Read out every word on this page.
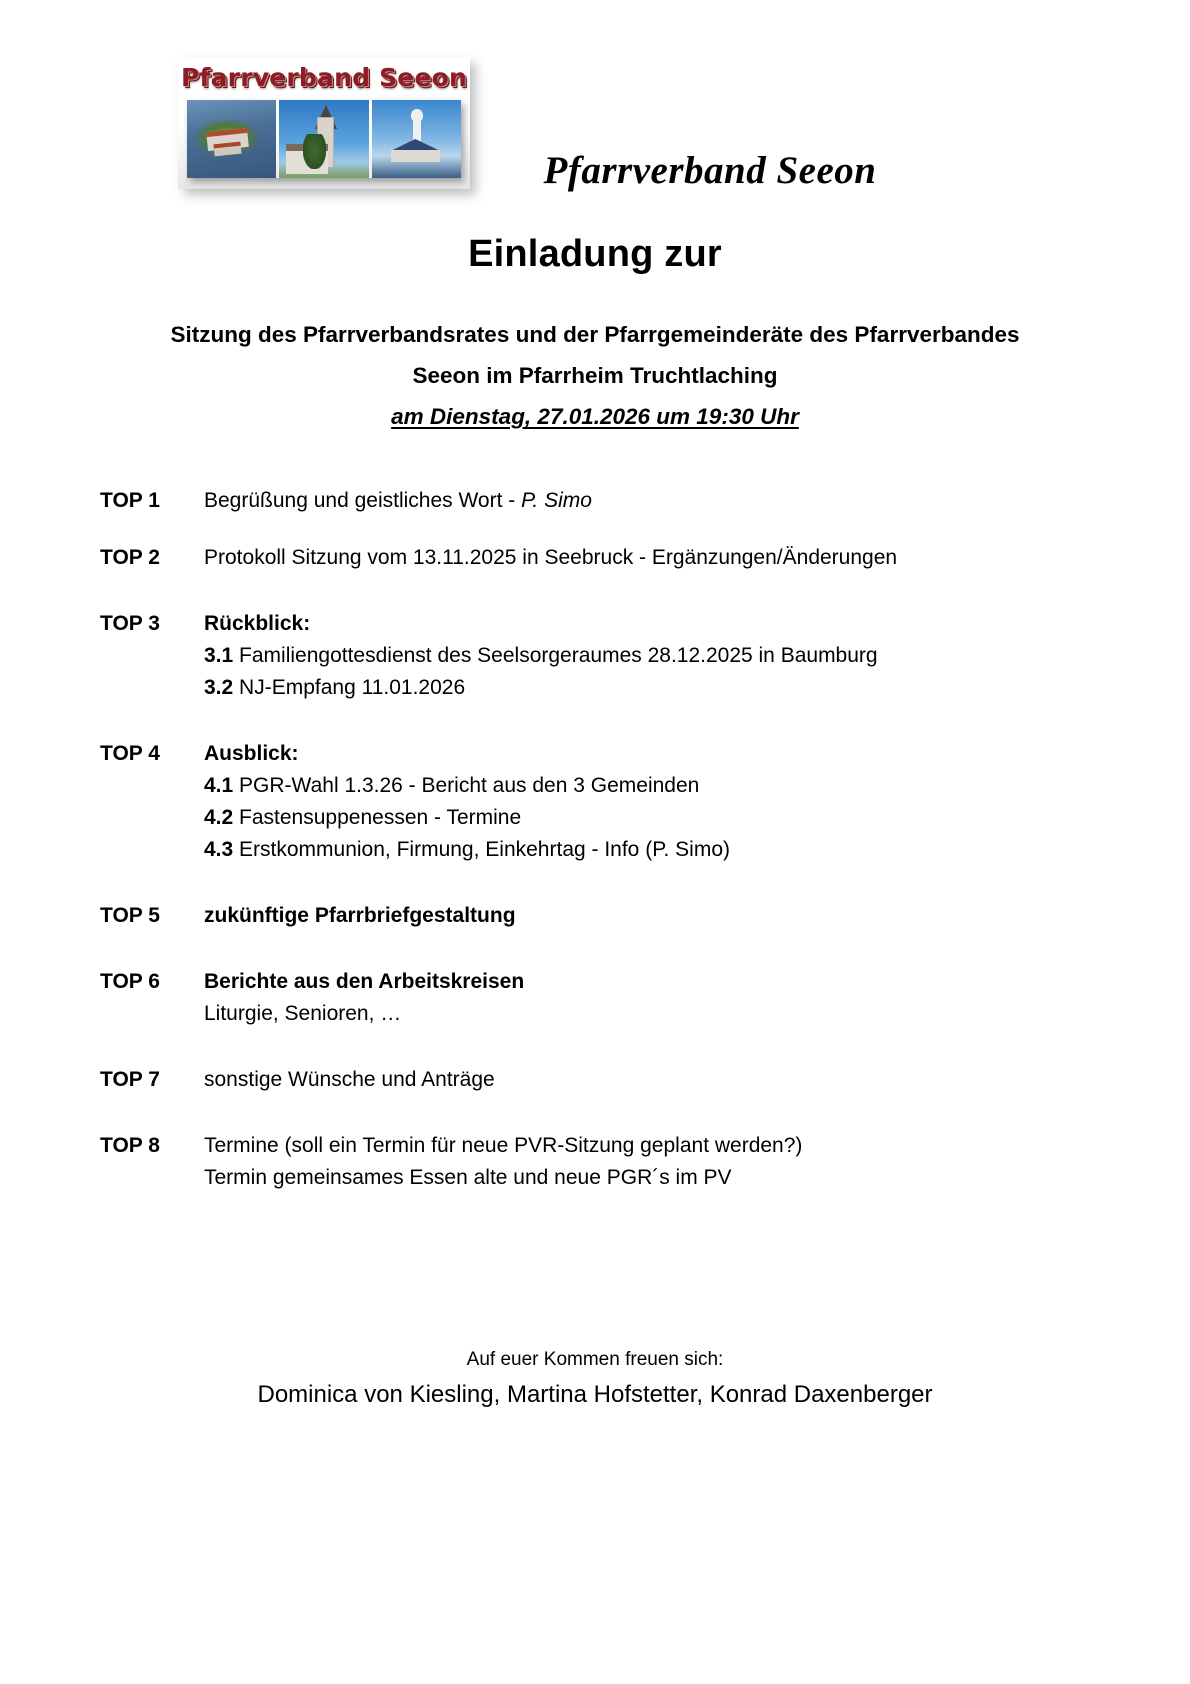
Pfarrverband Seeon
Pfarrverband Seeon
Einladung zur
Sitzung des Pfarrverbandsrates und der Pfarrgemeinderäte des Pfarrverbandes
Seeon im Pfarrheim Truchtlaching
am Dienstag, 27.01.2026 um 19:30 Uhr
TOP 1	Begrüßung und geistliches Wort - P. Simo
TOP 2	Protokoll Sitzung vom 13.11.2025 in Seebruck - Ergänzungen/Änderungen
TOP 3	Rückblick:
3.1 Familiengottesdienst des Seelsorgeraumes 28.12.2025 in Baumburg
3.2 NJ-Empfang 11.01.2026
TOP 4	Ausblick:
4.1 PGR-Wahl 1.3.26 - Bericht aus den 3 Gemeinden
4.2 Fastensuppenessen - Termine
4.3 Erstkommunion, Firmung, Einkehrtag - Info (P. Simo)
TOP 5	zukünftige Pfarrbriefgestaltung
TOP 6	Berichte aus den Arbeitskreisen
Liturgie, Senioren, …
TOP 7	sonstige Wünsche und Anträge
TOP 8	Termine (soll ein Termin für neue PVR-Sitzung geplant werden?)
Termin gemeinsames Essen alte und neue PGR´s im PV
Auf euer Kommen freuen sich:
Dominica von Kiesling, Martina Hofstetter, Konrad Daxenberger
